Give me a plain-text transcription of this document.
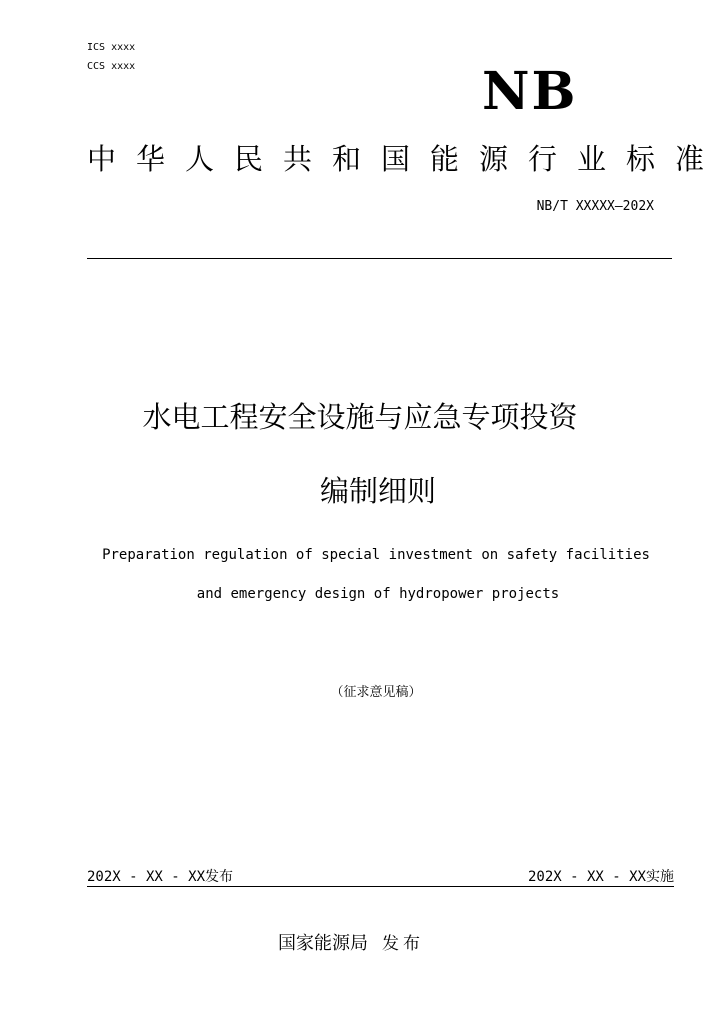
ICS xxxx
CCS xxxx	NB
中华人民共和国能源行业标准
NB/T XXXXX—202X
水电工程安全设施与应急专项投资
编制细则
Preparation regulation of special investment on safety facilities
and emergency design of hydropower projects
（征求意见稿）
202X - XX - XX发布	202X - XX - XX实施
国家能源局 发布
